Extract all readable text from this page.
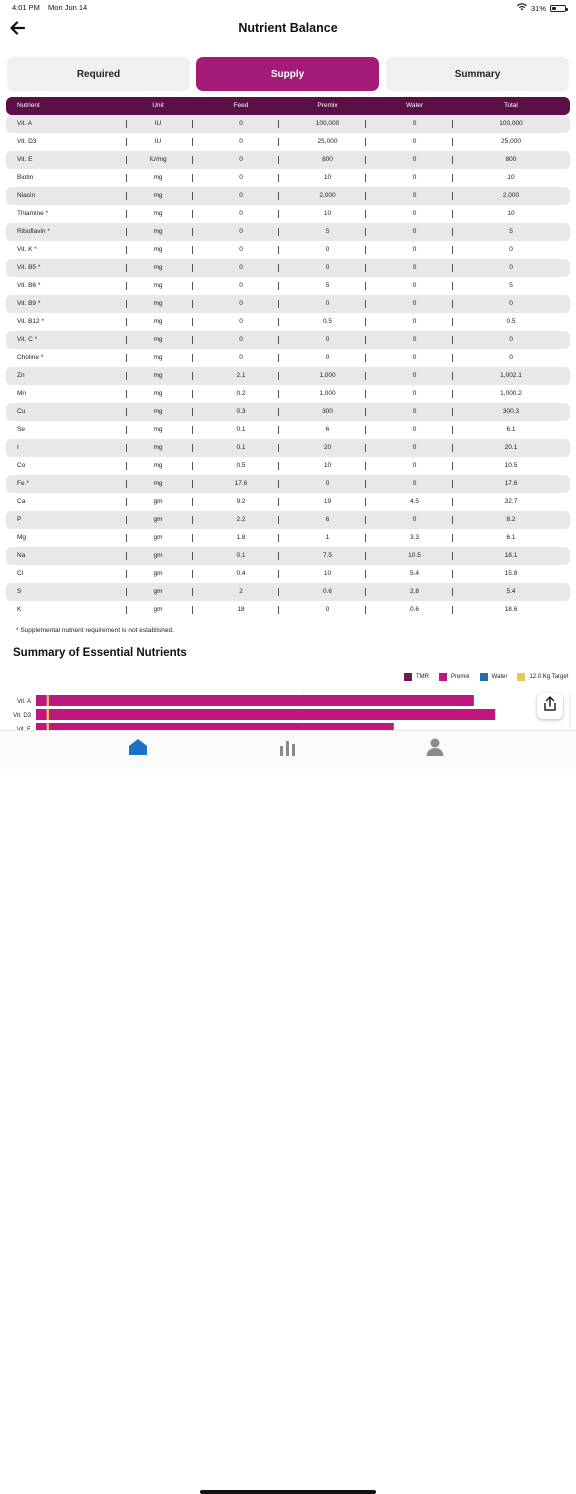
4:01 PM Mon Jun 14	31%
Nutrient Balance
Required	Supply	Summary
Nutrient	Unit	Feed	Premix	Water	Total
Vit. A	IU	0	100,000	0	100,000
Vit. D3	IU	0	25,000	0	25,000
Vit. E	IU/mg	0	800	0	800
Biotin	mg	0	10	0	10
Niacin	mg	0	2,000	0	2,000
Thiamine *	mg	0	10	0	10
Riboflavin *	mg	0	5	0	5
Vit. K *	mg	0	0	0	0
Vit. B5 *	mg	0	0	0	0
Vit. B6 *	mg	0	5	0	5
Vit. B9 *	mg	0	0	0	0
Vit. B12 *	mg	0	0.5	0	0.5
Vit. C *	mg	0	0	0	0
Choline *	mg	0	0	0	0
Zn	mg	2.1	1,000	0	1,002.1
Mn	mg	0.2	1,000	0	1,000.2
Cu	mg	0.3	300	0	300.3
Se	mg	0.1	6	0	6.1
I	mg	0.1	20	0	20.1
Co	mg	0.5	10	0	10.5
Fe *	mg	17.6	0	0	17.6
Ca	gm	9.2	19	4.5	32.7
P	gm	2.2	6	0	8.2
Mg	gm	1.8	1	3.3	6.1
Na	gm	0.1	7.5	10.5	18.1
Cl	gm	0.4	10	5.4	15.8
S	gm	2	0.6	2.8	5.4
K	gm	18	0	0.6	18.6
* Supplemental nutrient requirement is not established.
Summary of Essential Nutrients
TMR	Premix	Water	12.0 Kg Target
Vit. A
Vit. D3
